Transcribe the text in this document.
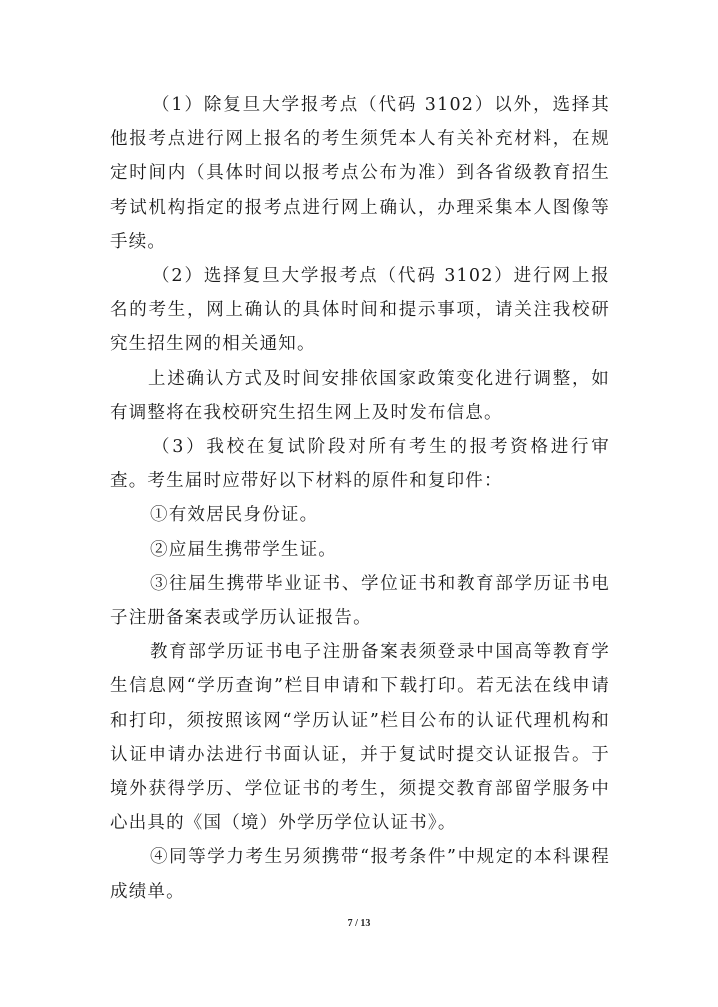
（1）除复旦大学报考点（代码 3102）以外，选择其他报考点进行网上报名的考生须凭本人有关补充材料，在规定时间内（具体时间以报考点公布为准）到各省级教育招生考试机构指定的报考点进行网上确认，办理采集本人图像等手续。

（2）选择复旦大学报考点（代码 3102）进行网上报名的考生，网上确认的具体时间和提示事项，请关注我校研究生招生网的相关通知。

上述确认方式及时间安排依国家政策变化进行调整，如有调整将在我校研究生招生网上及时发布信息。

（3）我校在复试阶段对所有考生的报考资格进行审查。考生届时应带好以下材料的原件和复印件：

①有效居民身份证。

②应届生携带学生证。

③往届生携带毕业证书、学位证书和教育部学历证书电子注册备案表或学历认证报告。

教育部学历证书电子注册备案表须登录中国高等教育学生信息网“学历查询”栏目申请和下载打印。若无法在线申请和打印，须按照该网“学历认证”栏目公布的认证代理机构和认证申请办法进行书面认证，并于复试时提交认证报告。于境外获得学历、学位证书的考生，须提交教育部留学服务中心出具的《国（境）外学历学位认证书》。

④同等学力考生另须携带“报考条件”中规定的本科课程成绩单。

7 / 13
